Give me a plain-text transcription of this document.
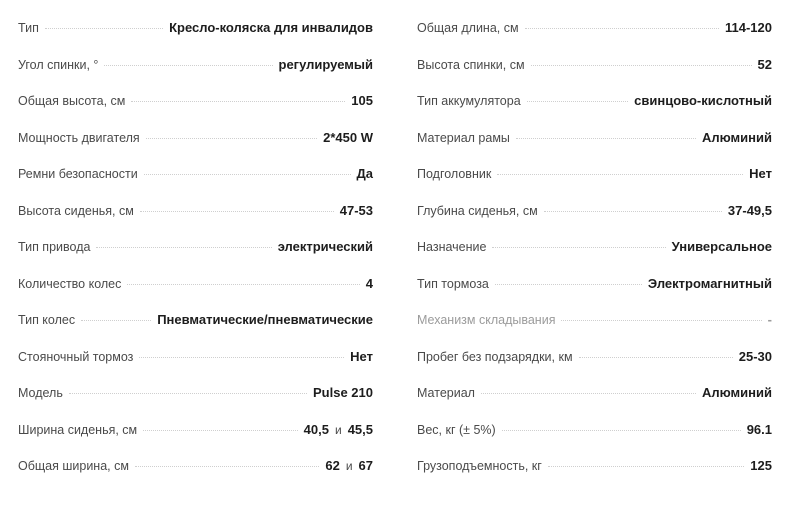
Тип	Кресло-коляска для инвалидов
Угол спинки, °	регулируемый
Общая высота, см	105
Мощность двигателя	2*450 W
Ремни безопасности	Да
Высота сиденья, см	47-53
Тип привода	электрический
Количество колес	4
Тип колес	Пневматические/пневматические
Стояночный тормоз	Нет
Модель	Pulse 210
Ширина сиденья, см	40,5 и 45,5
Общая ширина, см	62 и 67
Общая длина, см	114-120
Высота спинки, см	52
Тип аккумулятора	свинцово-кислотный
Материал рамы	Алюминий
Подголовник	Нет
Глубина сиденья, см	37-49,5
Назначение	Универсальное
Тип тормоза	Электромагнитный
Механизм складывания	-
Пробег без подзарядки, км	25-30
Материал	Алюминий
Вес, кг (± 5%)	96.1
Грузоподъемность, кг	125
